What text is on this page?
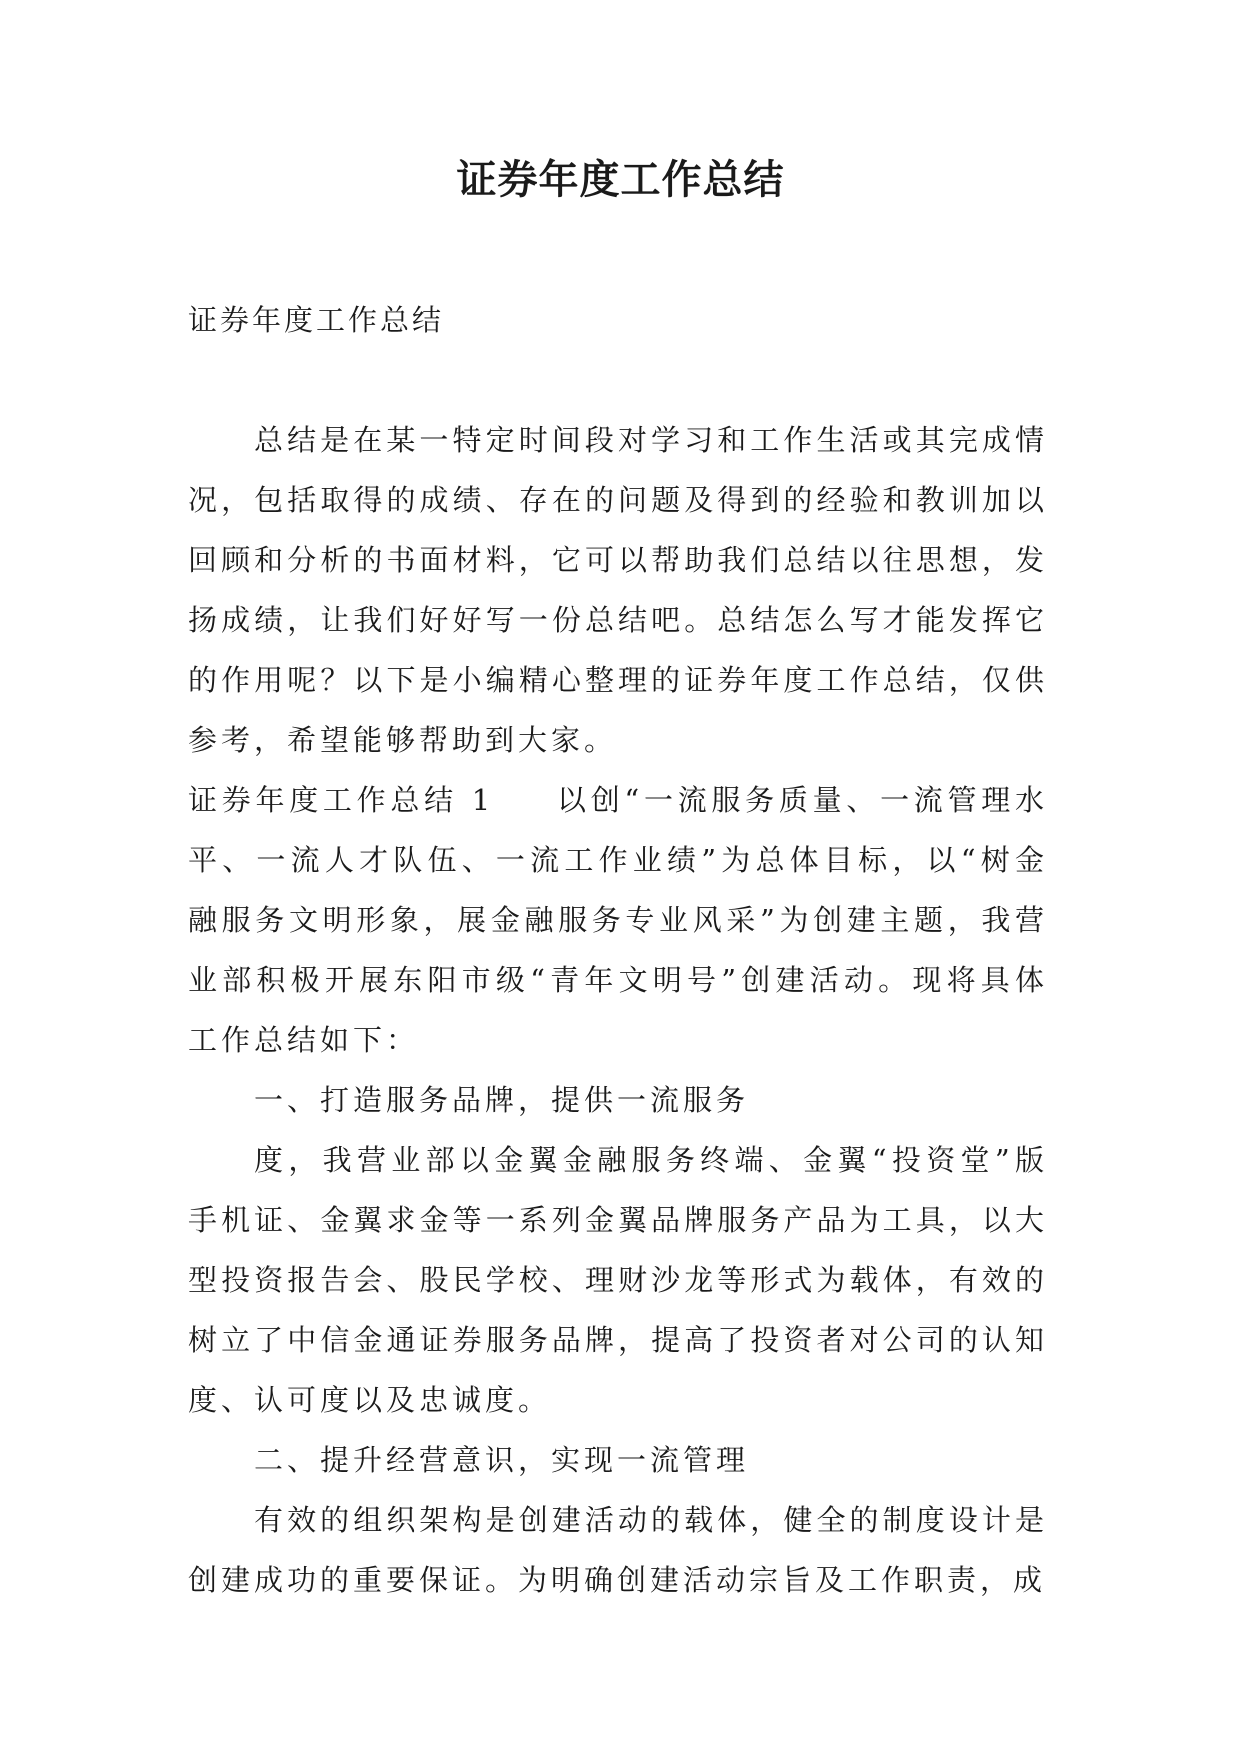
证券年度工作总结

证券年度工作总结

总结是在某一特定时间段对学习和工作生活或其完成情况，包括取得的成绩、存在的问题及得到的经验和教训加以回顾和分析的书面材料，它可以帮助我们总结以往思想，发扬成绩，让我们好好写一份总结吧。总结怎么写才能发挥它的作用呢？以下是小编精心整理的证券年度工作总结，仅供参考，希望能够帮助到大家。

证券年度工作总结 1 以创“一流服务质量、一流管理水平、一流人才队伍、一流工作业绩”为总体目标，以“树金融服务文明形象，展金融服务专业风采”为创建主题，我营业部积极开展东阳市级“青年文明号”创建活动。现将具体工作总结如下：

一、打造服务品牌，提供一流服务

度，我营业部以金翼金融服务终端、金翼“投资堂”版手机证、金翼求金等一系列金翼品牌服务产品为工具，以大型投资报告会、股民学校、理财沙龙等形式为载体，有效的树立了中信金通证券服务品牌，提高了投资者对公司的认知度、认可度以及忠诚度。

二、提升经营意识，实现一流管理

有效的组织架构是创建活动的载体，健全的制度设计是创建成功的重要保证。为明确创建活动宗旨及工作职责，成
